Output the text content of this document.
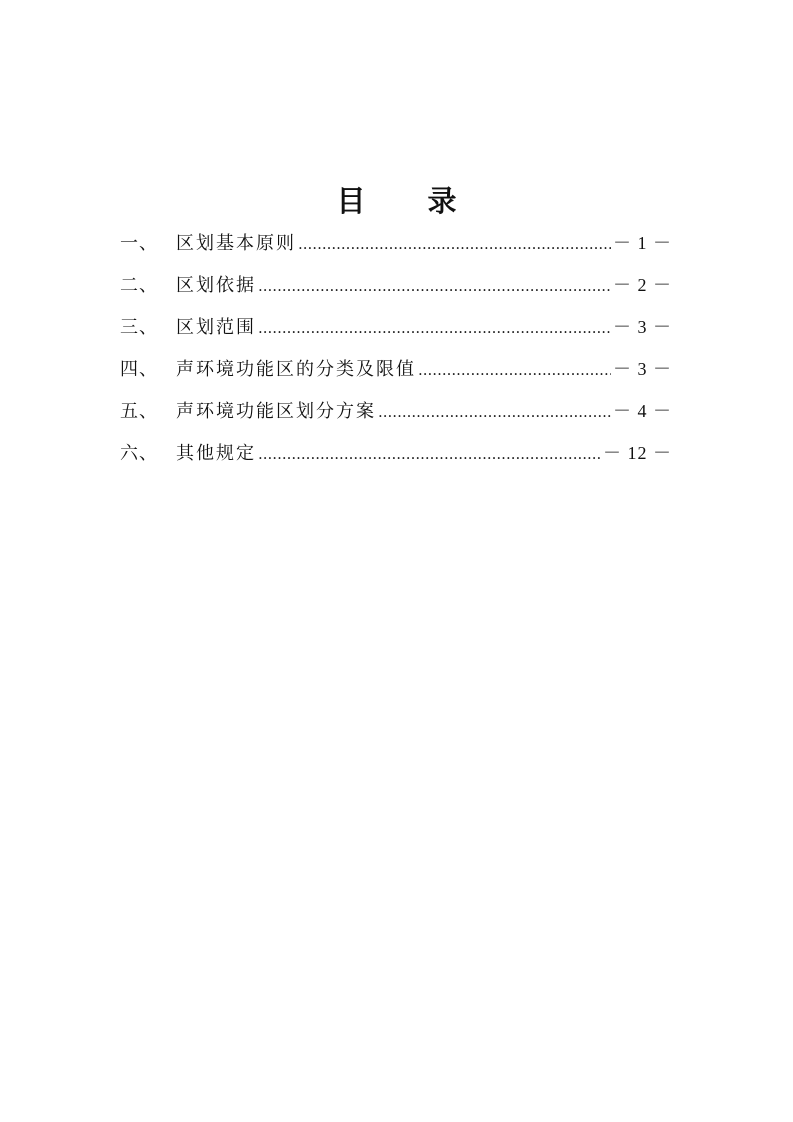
目 录
一、	区划基本原则 .....	－ 1 －
二、	区划依据 .....	－ 2 －
三、	区划范围 .....	－ 3 －
四、	声环境功能区的分类及限值 .....	－ 3 －
五、	声环境功能区划分方案 .....	－ 4 －
六、	其他规定 .....	－ 12 －
